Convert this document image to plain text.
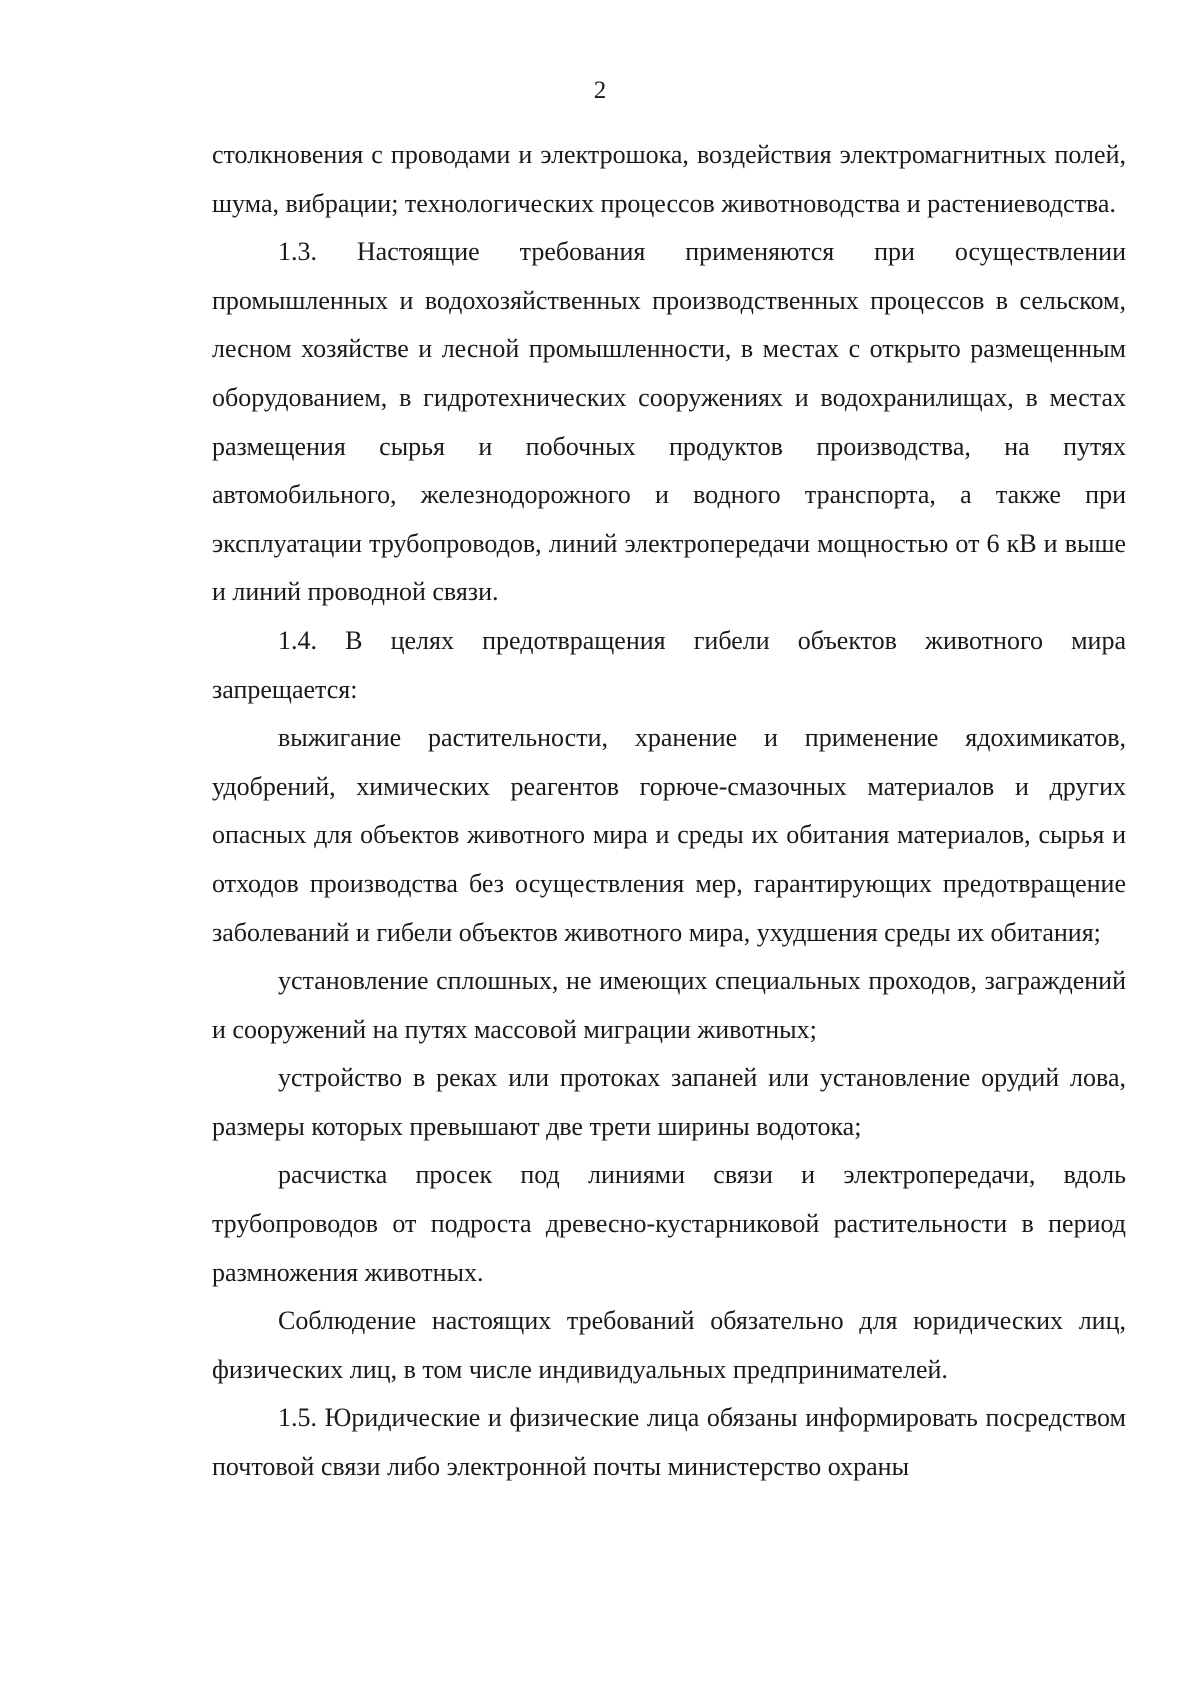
2

столкновения с проводами и электрошока, воздействия электромагнитных полей, шума, вибрации; технологических процессов животноводства и растениеводства.

1.3. Настоящие требования применяются при осуществлении промышленных и водохозяйственных производственных процессов в сельском, лесном хозяйстве и лесной промышленности, в местах с открыто размещенным оборудованием, в гидротехнических сооружениях и водохранилищах, в местах размещения сырья и побочных продуктов производства, на путях автомобильного, железнодорожного и водного транспорта, а также при эксплуатации трубопроводов, линий электропередачи мощностью от 6 кВ и выше и линий проводной связи.

1.4. В целях предотвращения гибели объектов животного мира запрещается:

выжигание растительности, хранение и применение ядохимикатов, удобрений, химических реагентов горюче-смазочных материалов и других опасных для объектов животного мира и среды их обитания материалов, сырья и отходов производства без осуществления мер, гарантирующих предотвращение заболеваний и гибели объектов животного мира, ухудшения среды их обитания;

установление сплошных, не имеющих специальных проходов, заграждений и сооружений на путях массовой миграции животных;

устройство в реках или протоках запаней или установление орудий лова, размеры которых превышают две трети ширины водотока;

расчистка просек под линиями связи и электропередачи, вдоль трубопроводов от подроста древесно-кустарниковой растительности в период размножения животных.

Соблюдение настоящих требований обязательно для юридических лиц, физических лиц, в том числе индивидуальных предпринимателей.

1.5. Юридические и физические лица обязаны информировать посредством почтовой связи либо электронной почты министерство охраны
